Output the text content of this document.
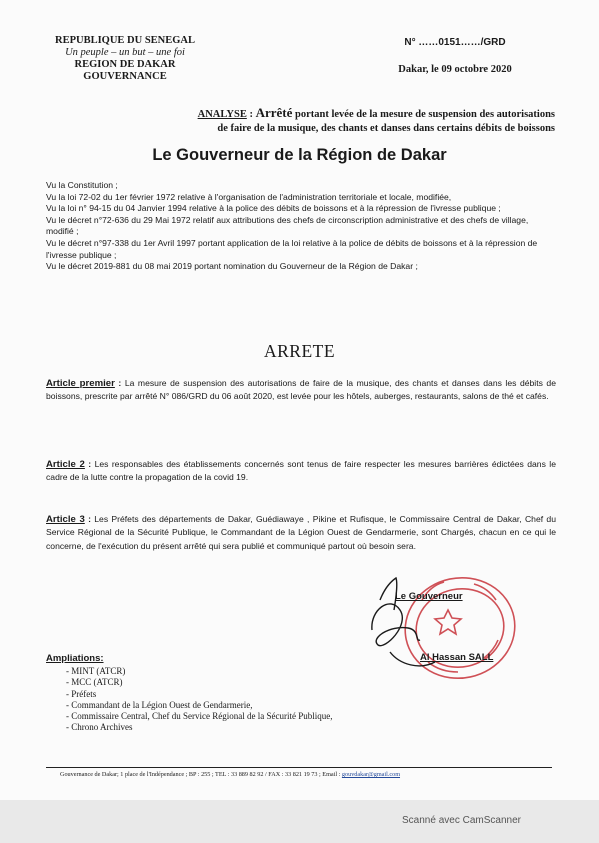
REPUBLIQUE DU SENEGAL
Un peuple – un but – une foi
REGION DE DAKAR
GOUVERNANCE
N° ……0151……/GRD
Dakar, le 09 octobre 2020
ANALYSE : Arrêté portant levée de la mesure de suspension des autorisations
de faire de la musique, des chants et danses dans certains débits de boissons
Le Gouverneur de la Région de Dakar

Vu la Constitution ;

Vu la loi 72-02 du 1er février 1972 relative à l'organisation de l'administration territoriale et locale, modifiée,

Vu la loi n° 94-15 du 04 Janvier 1994 relative à la police des débits de boissons et à la répression de l'ivresse publique ;

Vu le décret n°72-636 du 29 Mai 1972 relatif aux attributions des chefs de circonscription administrative et des chefs de village, modifié ;

Vu le décret n°97-338 du 1er Avril 1997 portant application de la loi relative à la police de débits de boissons et à la répression de l'ivresse publique ;

Vu le décret 2019-881 du 08 mai 2019 portant nomination du Gouverneur de la Région de Dakar ;

ARRETE

Article premier : La mesure de suspension des autorisations de faire de la musique, des chants et danses dans les débits de boissons, prescrite par arrêté N° 086/GRD du 06 août 2020, est levée pour les hôtels, auberges, restaurants, salons de thé et cafés.

Article 2 : Les responsables des établissements concernés sont tenus de faire respecter les mesures barrières édictées dans le cadre de la lutte contre la propagation de la covid 19.

Article 3 : Les Préfets des départements de Dakar, Guédiawaye , Pikine et Rufisque, le Commissaire Central de Dakar, Chef du Service Régional de la Sécurité Publique, le Commandant de la Légion Ouest de Gendarmerie, sont Chargés, chacun en ce qui le concerne, de l'exécution du présent arrêté qui sera publié et communiqué partout où besoin sera.

Le Gouverneur
Al Hassan SALL
Ampliations:
- MINT (ATCR)
- MCC (ATCR)
- Préfets
- Commandant de la Légion Ouest de Gendarmerie,
- Commissaire Central, Chef du Service Régional de la Sécurité Publique,
- Chrono Archives
Gouvernance de Dakar; 1 place de l'Indépendance ; BP : 255 ; TEL : 33 889 82 92 / FAX : 33 821 19 73 ; Email : gouvdakar@gmail.com
Scanné avec CamScanner
